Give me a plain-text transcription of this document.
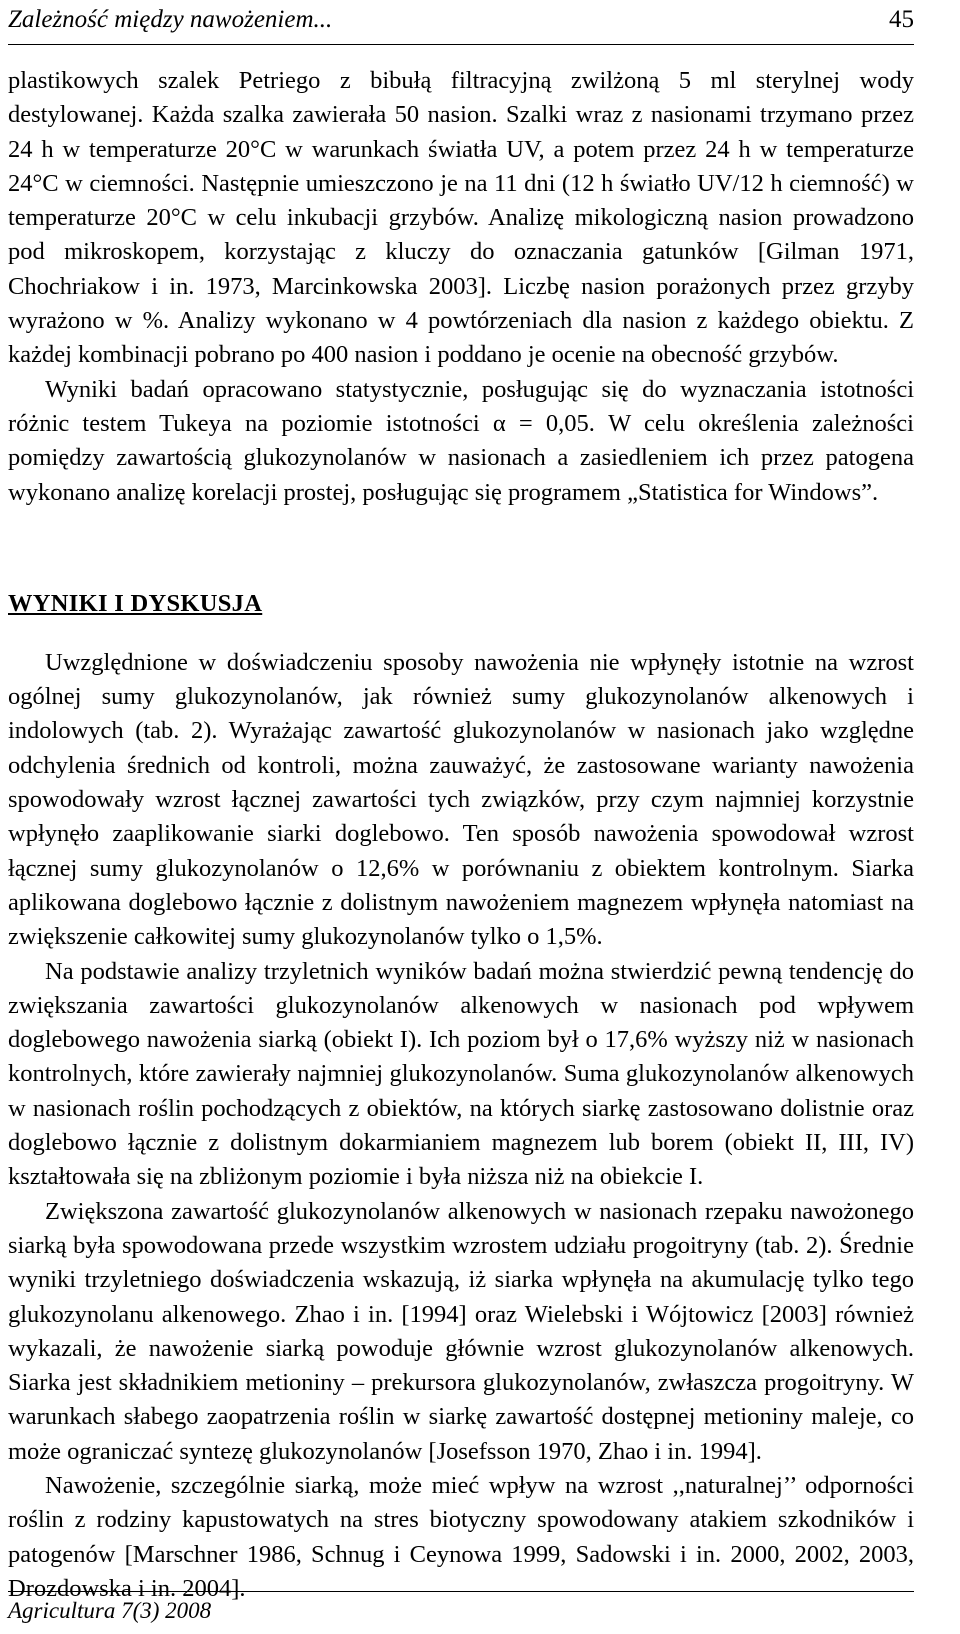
Zależność między nawożeniem...	45

plastikowych szalek Petriego z bibułą filtracyjną zwilżoną 5 ml sterylnej wody destylowanej. Każda szalka zawierała 50 nasion. Szalki wraz z nasionami trzymano przez 24 h w temperaturze 20°C w warunkach światła UV, a potem przez 24 h w temperaturze 24°C w ciemności. Następnie umieszczono je na 11 dni (12 h światło UV/12 h ciemność) w temperaturze 20°C w celu inkubacji grzybów. Analizę mikologiczną nasion prowadzono pod mikroskopem, korzystając z kluczy do oznaczania gatunków [Gilman 1971, Chochriakow i in. 1973, Marcinkowska 2003]. Liczbę nasion porażonych przez grzyby wyrażono w %. Analizy wykonano w 4 powtórzeniach dla nasion z każdego obiektu. Z każdej kombinacji pobrano po 400 nasion i poddano je ocenie na obecność grzybów.

Wyniki badań opracowano statystycznie, posługując się do wyznaczania istotności różnic testem Tukeya na poziomie istotności α = 0,05. W celu określenia zależności pomiędzy zawartością glukozynolanów w nasionach a zasiedleniem ich przez patogena wykonano analizę korelacji prostej, posługując się programem „Statistica for Windows”.

WYNIKI I DYSKUSJA

Uwzględnione w doświadczeniu sposoby nawożenia nie wpłynęły istotnie na wzrost ogólnej sumy glukozynolanów, jak również sumy glukozynolanów alkenowych i indolowych (tab. 2). Wyrażając zawartość glukozynolanów w nasionach jako względne odchylenia średnich od kontroli, można zauważyć, że zastosowane warianty nawożenia spowodowały wzrost łącznej zawartości tych związków, przy czym najmniej korzystnie wpłynęło zaaplikowanie siarki doglebowo. Ten sposób nawożenia spowodował wzrost łącznej sumy glukozynolanów o 12,6% w porównaniu z obiektem kontrolnym. Siarka aplikowana doglebowo łącznie z dolistnym nawożeniem magnezem wpłynęła natomiast na zwiększenie całkowitej sumy glukozynolanów tylko o 1,5%.

Na podstawie analizy trzyletnich wyników badań można stwierdzić pewną tendencję do zwiększania zawartości glukozynolanów alkenowych w nasionach pod wpływem doglebowego nawożenia siarką (obiekt I). Ich poziom był o 17,6% wyższy niż w nasionach kontrolnych, które zawierały najmniej glukozynolanów. Suma glukozynolanów alkenowych w nasionach roślin pochodzących z obiektów, na których siarkę zastosowano dolistnie oraz doglebowo łącznie z dolistnym dokarmianiem magnezem lub borem (obiekt II, III, IV) kształtowała się na zbliżonym poziomie i była niższa niż na obiekcie I.

Zwiększona zawartość glukozynolanów alkenowych w nasionach rzepaku nawożonego siarką była spowodowana przede wszystkim wzrostem udziału progoitryny (tab. 2). Średnie wyniki trzyletniego doświadczenia wskazują, iż siarka wpłynęła na akumulację tylko tego glukozynolanu alkenowego. Zhao i in. [1994] oraz Wielebski i Wójtowicz [2003] również wykazali, że nawożenie siarką powoduje głównie wzrost glukozynolanów alkenowych. Siarka jest składnikiem metioniny – prekursora glukozynolanów, zwłaszcza progoitryny. W warunkach słabego zaopatrzenia roślin w siarkę zawartość dostępnej metioniny maleje, co może ograniczać syntezę glukozynolanów [Josefsson 1970, Zhao i in. 1994].

Nawożenie, szczególnie siarką, może mieć wpływ na wzrost ,,naturalnej’’ odporności roślin z rodziny kapustowatych na stres biotyczny spowodowany atakiem szkodników i patogenów [Marschner 1986, Schnug i Ceynowa 1999, Sadowski i in. 2000, 2002, 2003, Drozdowska i in. 2004].

Agricultura 7(3) 2008
